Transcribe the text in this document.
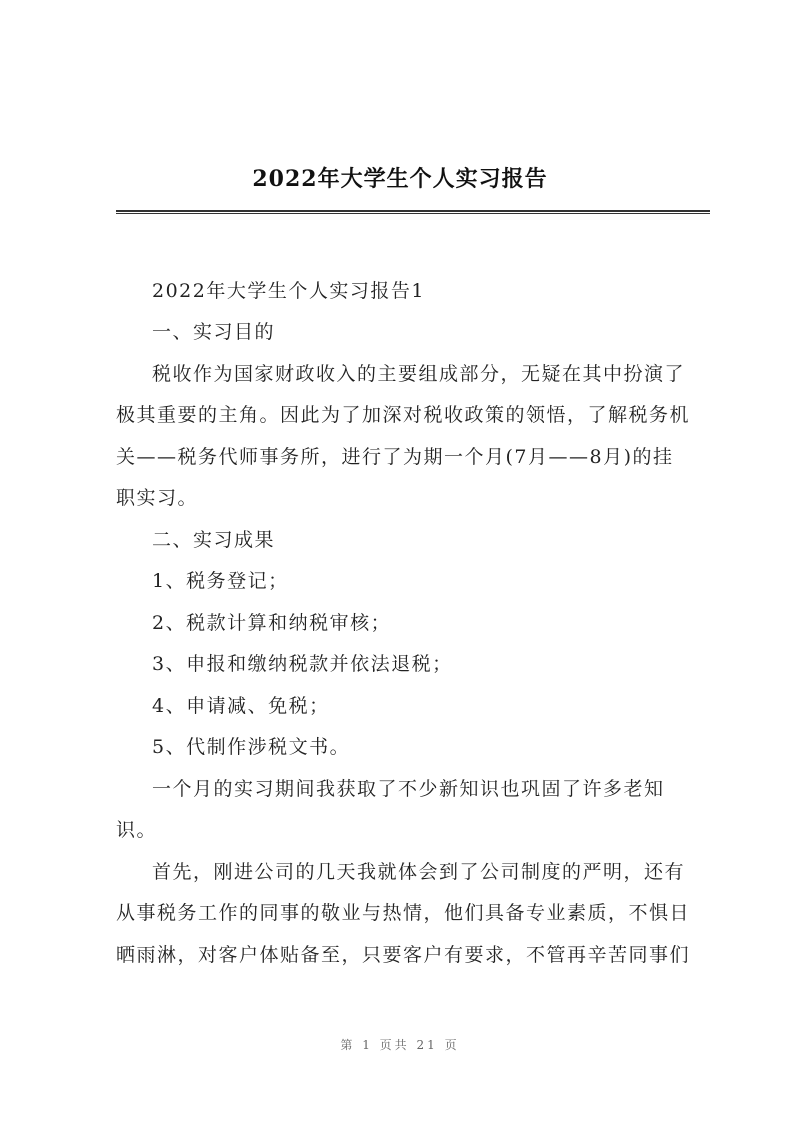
2022年大学生个人实习报告
2022年大学生个人实习报告1
一、实习目的
税收作为国家财政收入的主要组成部分，无疑在其中扮演了
极其重要的主角。因此为了加深对税收政策的领悟，了解税务机
关——税务代师事务所，进行了为期一个月(7月——8月)的挂
职实习。
二、实习成果
1、税务登记；
2、税款计算和纳税审核；
3、申报和缴纳税款并依法退税；
4、申请减、免税；
5、代制作涉税文书。
一个月的实习期间我获取了不少新知识也巩固了许多老知
识。
首先，刚进公司的几天我就体会到了公司制度的严明，还有
从事税务工作的同事的敬业与热情，他们具备专业素质，不惧日
晒雨淋，对客户体贴备至，只要客户有要求，不管再辛苦同事们
第 1 页共 21 页
